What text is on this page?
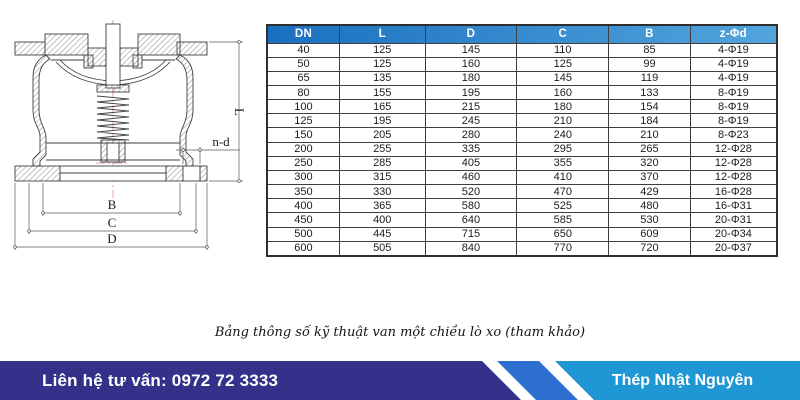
L
n-d
B
C
D
DN	L	D	C	B	z-Φd
40	125	145	110	85	4-Φ19
50	125	160	125	99	4-Φ19
65	135	180	145	119	4-Φ19
80	155	195	160	133	8-Φ19
100	165	215	180	154	8-Φ19
125	195	245	210	184	8-Φ19
150	205	280	240	210	8-Φ23
200	255	335	295	265	12-Φ28
250	285	405	355	320	12-Φ28
300	315	460	410	370	12-Φ28
350	330	520	470	429	16-Φ28
400	365	580	525	480	16-Φ31
450	400	640	585	530	20-Φ31
500	445	715	650	609	20-Φ34
600	505	840	770	720	20-Φ37
Bảng thông số kỹ thuật van một chiều lò xo (tham khảo)
Liên hệ tư vấn: 0972 72 3333	Thép Nhật Nguyên
